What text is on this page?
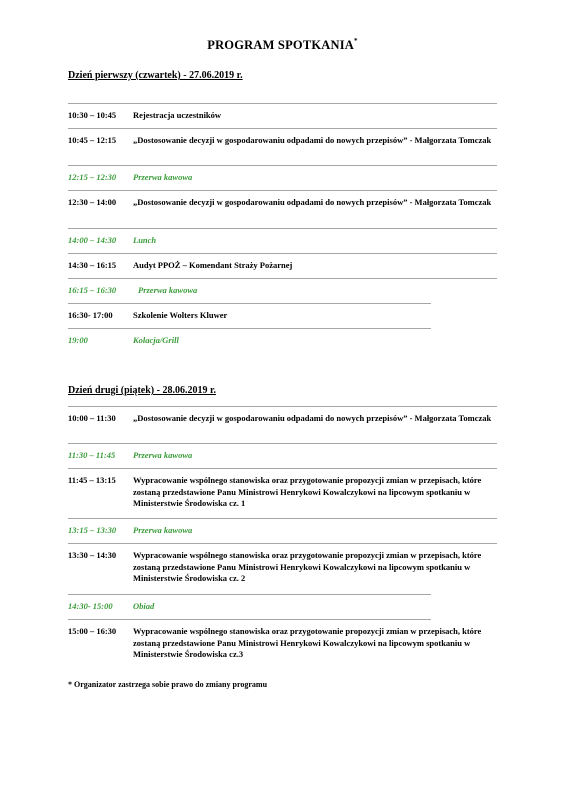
PROGRAM SPOTKANIA*
Dzień pierwszy (czwartek) - 27.06.2019 r.
10:30 – 10:45	Rejestracja uczestników
10:45 – 12:15	„Dostosowanie decyzji w gospodarowaniu odpadami do nowych przepisów” - Małgorzata Tomczak
12:15 – 12:30	Przerwa kawowa
12:30 – 14:00	„Dostosowanie decyzji w gospodarowaniu odpadami do nowych przepisów” - Małgorzata Tomczak
14:00 – 14:30	Lunch
14:30 – 16:15	Audyt PPOŻ – Komendant Straży Pożarnej
16:15 – 16:30	Przerwa kawowa
16:30- 17:00	Szkolenie Wolters Kluwer
19:00	Kolacja/Grill
Dzień drugi (piątek) - 28.06.2019 r.
10:00 – 11:30	„Dostosowanie decyzji w gospodarowaniu odpadami do nowych przepisów” - Małgorzata Tomczak
11:30 – 11:45	Przerwa kawowa
11:45 – 13:15	Wypracowanie wspólnego stanowiska oraz przygotowanie propozycji zmian w przepisach, które zostaną przedstawione Panu Ministrowi Henrykowi Kowalczykowi na lipcowym spotkaniu w Ministerstwie Środowiska cz. 1
13:15 – 13:30	Przerwa kawowa
13:30 – 14:30	Wypracowanie wspólnego stanowiska oraz przygotowanie propozycji zmian w przepisach, które zostaną przedstawione Panu Ministrowi Henrykowi Kowalczykowi na lipcowym spotkaniu w Ministerstwie Środowiska cz. 2
14:30- 15:00	Obiad
15:00 – 16:30	Wypracowanie wspólnego stanowiska oraz przygotowanie propozycji zmian w przepisach, które zostaną przedstawione Panu Ministrowi Henrykowi Kowalczykowi na lipcowym spotkaniu w Ministerstwie Środowiska cz.3
* Organizator zastrzega sobie prawo do zmiany programu
